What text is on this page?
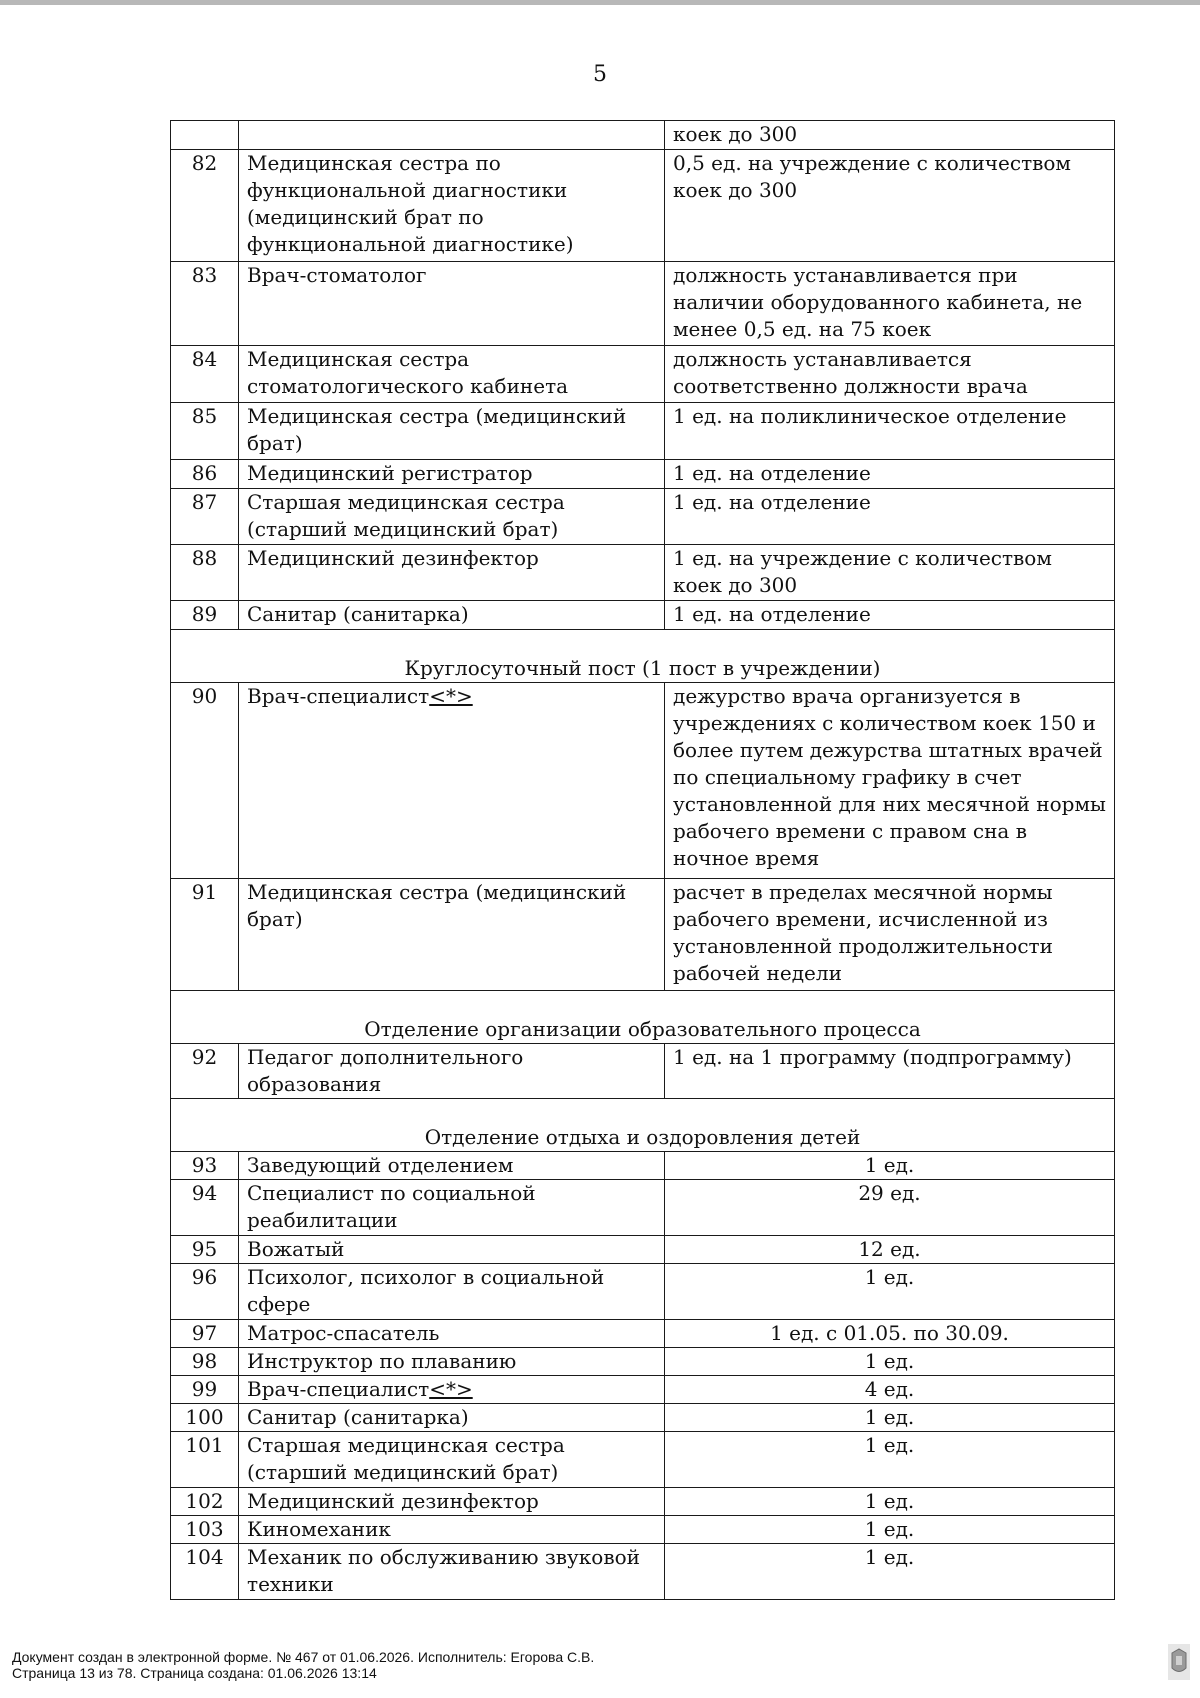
5
		коек до 300
82	Медицинская сестра по функциональной диагностики (медицинский брат по функциональной диагностике)	0,5 ед. на учреждение с количеством коек до 300
83	Врач-стоматолог	должность устанавливается при наличии оборудованного кабинета, не менее 0,5 ед. на 75 коек
84	Медицинская сестра стоматологического кабинета	должность устанавливается соответственно должности врача
85	Медицинская сестра (медицинский брат)	1 ед. на поликлиническое отделение
86	Медицинский регистратор	1 ед. на отделение
87	Старшая медицинская сестра (старший медицинский брат)	1 ед. на отделение
88	Медицинский дезинфектор	1 ед. на учреждение с количеством коек до 300
89	Санитар (санитарка)	1 ед. на отделение
Круглосуточный пост (1 пост в учреждении)		
90	Врач-специалист<*>	дежурство врача организуется в учреждениях с количеством коек 150 и более путем дежурства штатных врачей по специальному графику в счет установленной для них месячной нормы рабочего времени с правом сна в ночное время
91	Медицинская сестра (медицинский брат)	расчет в пределах месячной нормы рабочего времени, исчисленной из установленной продолжительности рабочей недели
Отделение организации образовательного процесса		
92	Педагог дополнительного образования	1 ед. на 1 программу (подпрограмму)
Отделение отдыха и оздоровления детей		
93	Заведующий отделением	1 ед.
94	Специалист по социальной реабилитации	29 ед.
95	Вожатый	12 ед.
96	Психолог, психолог в социальной сфере	1 ед.
97	Матрос-спасатель	1 ед. с 01.05. по 30.09.
98	Инструктор по плаванию	1 ед.
99	Врач-специалист<*>	4 ед.
100	Санитар (санитарка)	1 ед.
101	Старшая медицинская сестра (старший медицинский брат)	1 ед.
102	Медицинский дезинфектор	1 ед.
103	Киномеханик	1 ед.
104	Механик по обслуживанию звуковой техники	1 ед.
Документ создан в электронной форме. № 467 от 01.06.2026. Исполнитель: Егорова С.В.
Страница 13 из 78. Страница создана: 01.06.2026 13:14
